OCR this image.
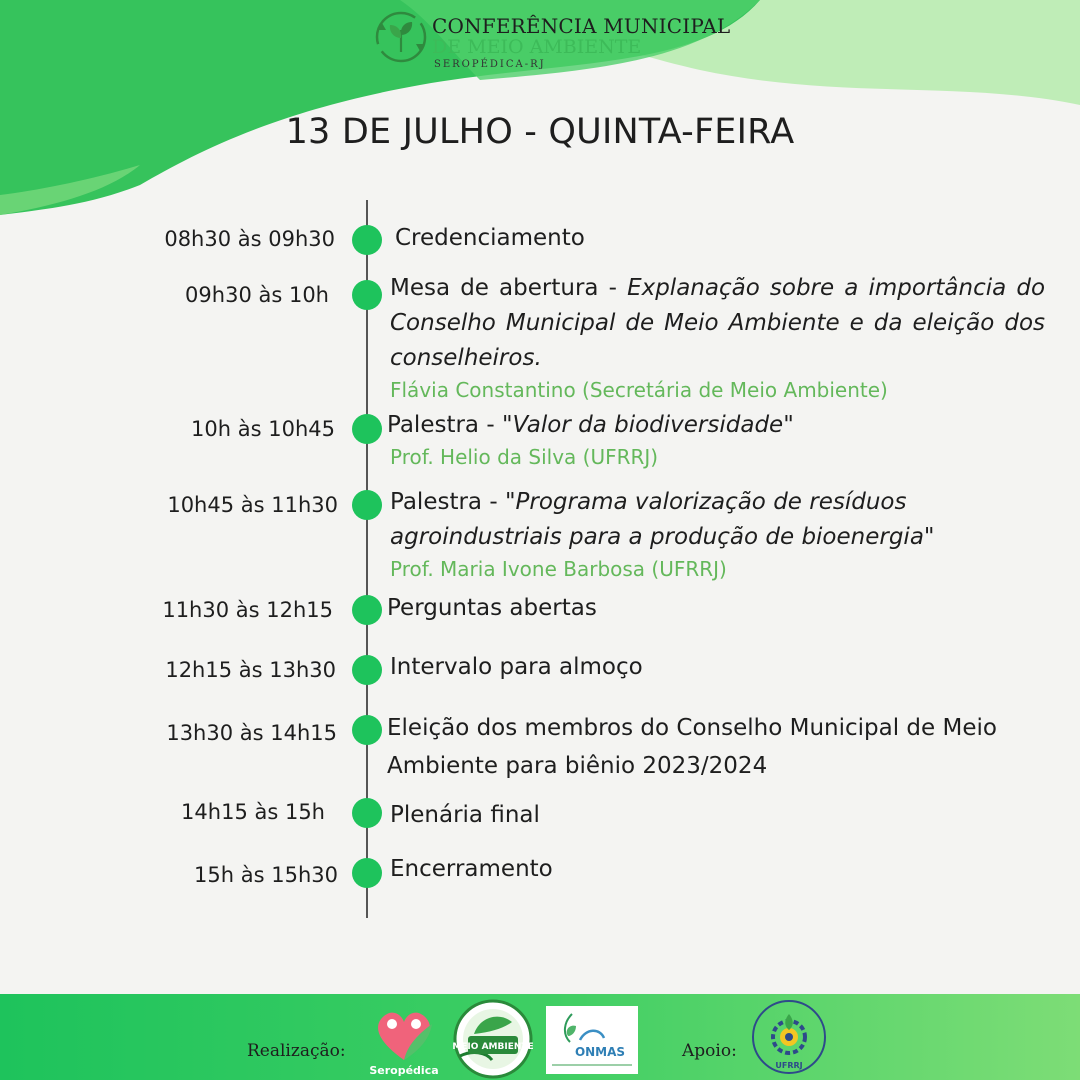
CONFERÊNCIA MUNICIPAL
DE MEIO AMBIENTE
SEROPÉDICA-RJ
13 DE JULHO - QUINTA-FEIRA
08h30 às 09h30	Credenciamento
09h30 às 10h	Mesa de abertura - Explanação sobre a importância do Conselho Municipal de Meio Ambiente e da eleição dos conselheiros.
Flávia Constantino (Secretária de Meio Ambiente)
10h às 10h45 Palestra - "Valor da biodiversidade"
Prof. Helio da Silva (UFRRJ)
10h45 às 11h30 Palestra - "Programa valorização de resíduos agroindustriais para a produção de bioenergia"
Prof. Maria Ivone Barbosa (UFRRJ)
11h30 às 12h15 Perguntas abertas
12h15 às 13h30 Intervalo para almoço
13h30 às 14h15 Eleição dos membros do Conselho Municipal de Meio Ambiente para biênio 2023/2024
14h15 às 15h	Plenária final
15h às 15h30 Encerramento
Realização:
Seropédica
MEIO AMBIENTE	ONMAS	Apoio:
UFRRJ
